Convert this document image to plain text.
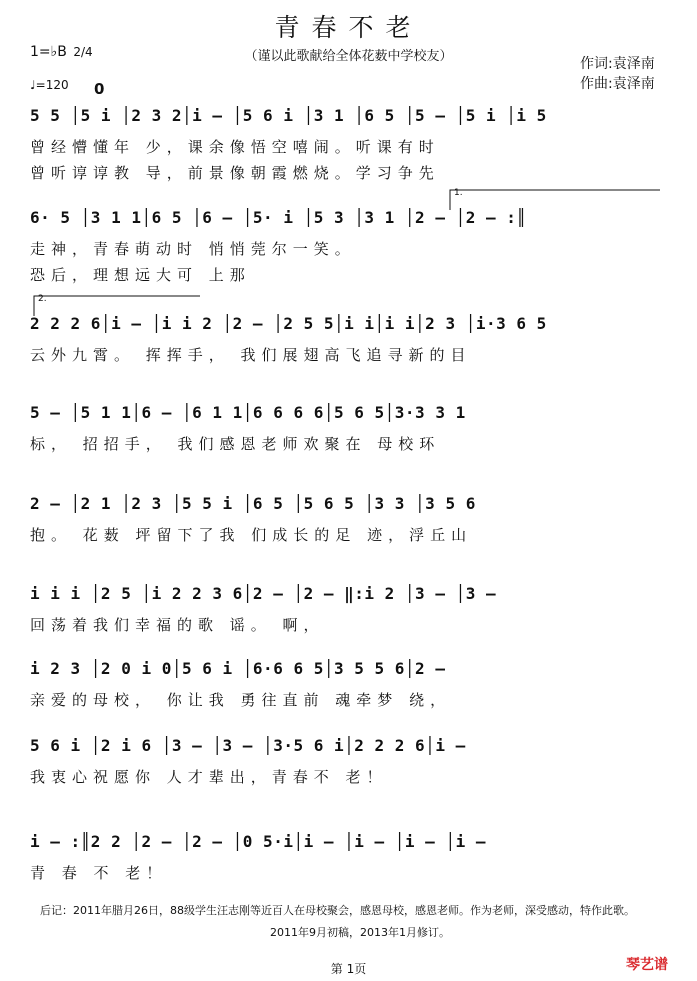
青春不老
（谨以此歌献给全体花薮中学校友）	作词:袁泽南
作曲:袁泽南
1=♭B 2/4
♩=120 0
5 5 │5 i │2 3 2│i – │5 6 i │3 1 │6 5 │5 – │5 i │i 5
曾经懵懂年 少，课余像悟空嘻闹。听课有时
曾听谆谆教 导，前景像朝霞燃烧。学习争先
1.
6· 5 │3 1 1│6 5 │6 – │5· i │5 3 │3 1 │2 – │2 – :║
走神，青春萌动时 悄悄莞尔一笑。
恐后，理想远大可 上那
2.
2 2 2 6│i – │i i 2 │2 – │2 5 5│i i│i i│2 3 │i·3 6 5
云外九霄。 挥挥手， 我们展翅高飞追寻新的目
5 – │5 1 1│6 – │6 1 1│6 6 6 6│5 6 5│3·3 3 1
标， 招招手， 我们感恩老师欢聚在 母校环
2 – │2 1 │2 3 │5 5 i │6 5 │5 6 5 │3 3 │3 5 6
抱。 花薮 坪留下了我 们成长的足 迹，浮丘山
i i i │2 5 │i 2 2 3 6│2 – │2 – ‖:i 2 │3 – │3 –
回荡着我们幸福的歌 谣。 啊，
i 2 3 │2 0 i 0│5 6 i │6·6 6 5│3 5 5 6│2 –
亲爱的母校， 你让我 勇往直前 魂牵梦 绕，
5 6 i │2 i 6 │3 – │3 – │3·5 6 i│2 2 2 6│i –
我衷心祝愿你 人才辈出，青春不 老！
i – :║2 2 │2 – │2 – │0 5·i│i – │i – │i – │i –
青 春 不 老！
后记：2011年腊月26日，88级学生汪志刚等近百人在母校聚会，感恩母校，感恩老师。作为老师，深受感动，特作此歌。
2011年9月初稿，2013年1月修订。
第 1页	琴艺谱
